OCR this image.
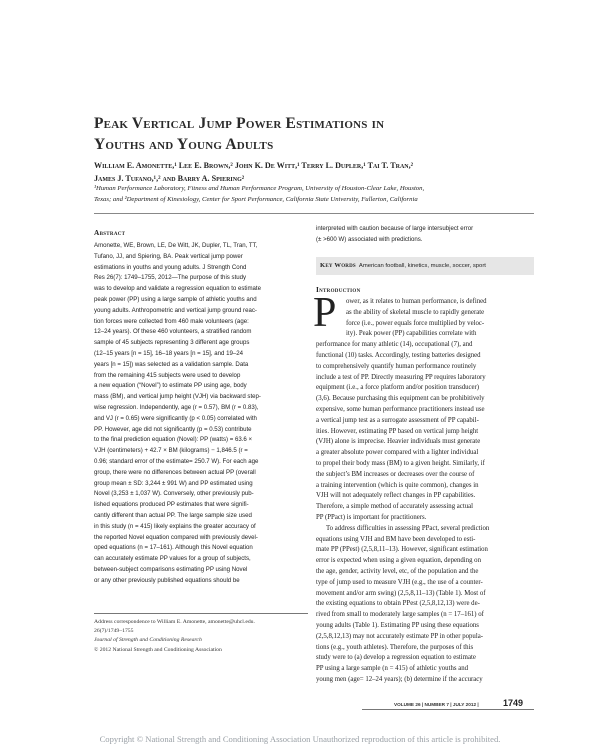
Peak Vertical Jump Power Estimations in
Youths and Young Adults
William E. Amonette,¹ Lee E. Brown,² John K. De Witt,¹ Terry L. Dupler,¹ Tai T. Tran,²
James J. Tufano,¹,² and Barry A. Spiering²
¹Human Performance Laboratory, Fitness and Human Performance Program, University of Houston-Clear Lake, Houston,
Texas; and ²Department of Kinesiology, Center for Sport Performance, California State University, Fullerton, California
Abstract
Amonette, WE, Brown, LE, De Witt, JK, Dupler, TL, Tran, TT,
Tufano, JJ, and Spiering, BA. Peak vertical jump power
estimations in youths and young adults. J Strength Cond
Res 26(7): 1749–1755, 2012—The purpose of this study
was to develop and validate a regression equation to estimate
peak power (PP) using a large sample of athletic youths and
young adults. Anthropometric and vertical jump ground reac-
tion forces were collected from 460 male volunteers (age:
12–24 years). Of these 460 volunteers, a stratified random
sample of 45 subjects representing 3 different age groups
(12–15 years [n = 15], 16–18 years [n = 15], and 19–24
years [n = 15]) was selected as a validation sample. Data
from the remaining 415 subjects were used to develop
a new equation (“Novel”) to estimate PP using age, body
mass (BM), and vertical jump height (VJH) via backward step-
wise regression. Independently, age (r = 0.57), BM (r = 0.83),
and VJ (r = 0.65) were significantly (p < 0.05) correlated with
PP. However, age did not significantly (p = 0.53) contribute
to the final prediction equation (Novel): PP (watts) = 63.6 ×
VJH (centimeters) + 42.7 × BM (kilograms) − 1,846.5 (r =
0.96; standard error of the estimate= 250.7 W). For each age
group, there were no differences between actual PP (overall
group mean ± SD: 3,244 ± 991 W) and PP estimated using
Novel (3,253 ± 1,037 W). Conversely, other previously pub-
lished equations produced PP estimates that were signifi-
cantly different than actual PP. The large sample size used
in this study (n = 415) likely explains the greater accuracy of
the reported Novel equation compared with previously devel-
oped equations (n = 17–161). Although this Novel equation
can accurately estimate PP values for a group of subjects,
between-subject comparisons estimating PP using Novel
or any other previously published equations should be
interpreted with caution because of large intersubject error
(± >600 W) associated with predictions.
Key Words American football, kinetics, muscle, soccer, sport
Introduction
P	ower, as it relates to human performance, is defined
as the ability of skeletal muscle to rapidly generate
force (i.e., power equals force multiplied by veloc-
ity). Peak power (PP) capabilities correlate with
performance for many athletic (14), occupational (7), and
functional (10) tasks. Accordingly, testing batteries designed
to comprehensively quantify human performance routinely
include a test of PP. Directly measuring PP requires laboratory
equipment (i.e., a force platform and/or position transducer)
(3,6). Because purchasing this equipment can be prohibitively
expensive, some human performance practitioners instead use
a vertical jump test as a surrogate assessment of PP capabil-
ities. However, estimating PP based on vertical jump height
(VJH) alone is imprecise. Heavier individuals must generate
a greater absolute power compared with a lighter individual
to propel their body mass (BM) to a given height. Similarly, if
the subject’s BM increases or decreases over the course of
a training intervention (which is quite common), changes in
VJH will not adequately reflect changes in PP capabilities.
Therefore, a simple method of accurately assessing actual
PP (PPact) is important for practitioners.
To address difficulties in assessing PPact, several prediction
equations using VJH and BM have been developed to esti-
mate PP (PPest) (2,5,8,11–13). However, significant estimation
error is expected when using a given equation, depending on
the age, gender, activity level, etc, of the population and the
type of jump used to measure VJH (e.g., the use of a counter-
movement and/or arm swing) (2,5,8,11–13) (Table 1). Most of
the existing equations to obtain PPest (2,5,8,12,13) were de-
rived from small to moderately large samples (n = 17–161) of
young adults (Table 1). Estimating PP using these equations
(2,5,8,12,13) may not accurately estimate PP in other popula-
tions (e.g., youth athletes). Therefore, the purposes of this
study were to (a) develop a regression equation to estimate
PP using a large sample (n = 415) of athletic youths and
young men (age= 12–24 years); (b) determine if the accuracy
Address correspondence to William E. Amonette, amonette@uhcl.edu.
26(7)/1749–1755
Journal of Strength and Conditioning Research
© 2012 National Strength and Conditioning Association
VOLUME 26 | NUMBER 7 | JULY 2012 |	1749
Copyright © National Strength and Conditioning Association Unauthorized reproduction of this article is prohibited.
